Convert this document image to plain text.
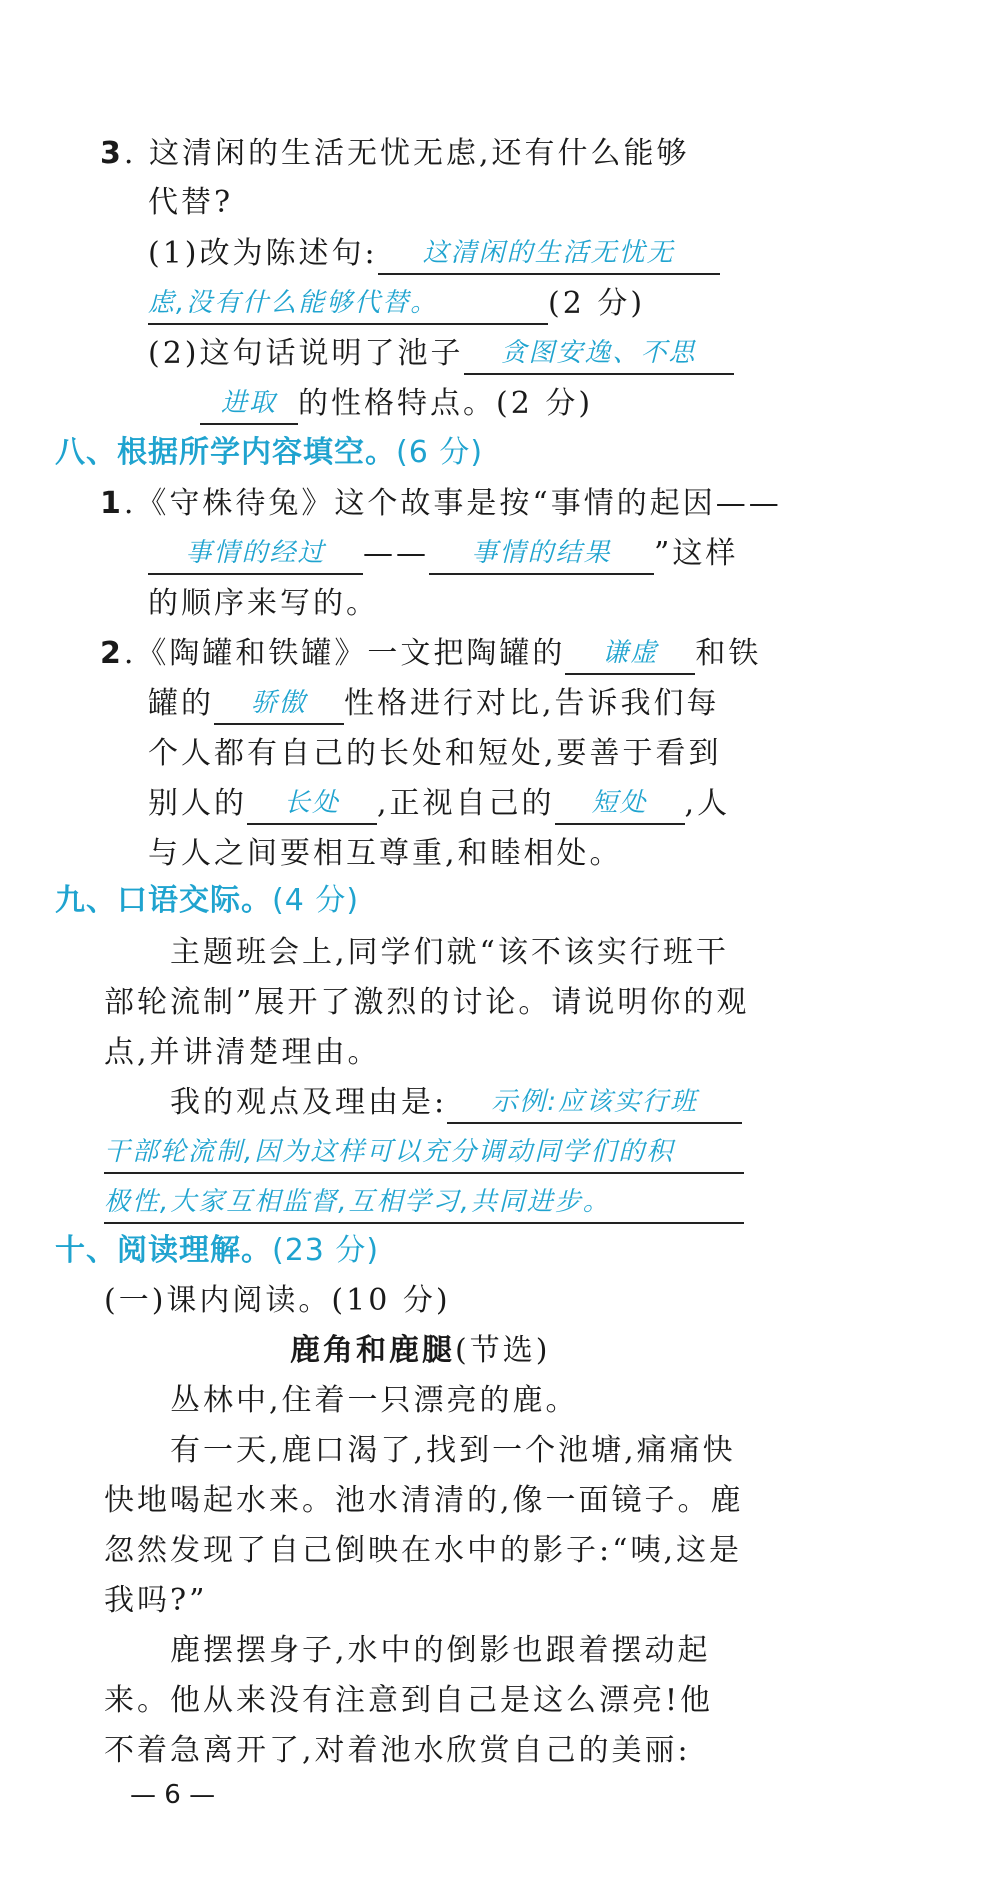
3. 这清闲的生活无忧无虑,还有什么能够
代替?
(1)改为陈述句: 这清闲的生活无忧无
虑,没有什么能够代替。	(2 分)
(2)这句话说明了池子 贪图安逸、不思
进取 的性格特点。(2 分)
八、根据所学内容填空。(6 分)
1.《守株待兔》这个故事是按“事情的起因——
事情的经过 —— 事情的结果 ”这样
的顺序来写的。
2.《陶罐和铁罐》一文把陶罐的 谦虚 和铁
罐的 骄傲 性格进行对比,告诉我们每
个人都有自己的长处和短处,要善于看到
别人的 长处 ,正视自己的 短处 ,人
与人之间要相互尊重,和睦相处。
九、口语交际。(4 分)
主题班会上,同学们就“该不该实行班干
部轮流制”展开了激烈的讨论。请说明你的观
点,并讲清楚理由。
我的观点及理由是: 示例:应该实行班
干部轮流制,因为这样可以充分调动同学们的积
极性,大家互相监督,互相学习,共同进步。
十、阅读理解。(23 分)
(一)课内阅读。(10 分)
鹿角和鹿腿(节选)
丛林中,住着一只漂亮的鹿。
有一天,鹿口渴了,找到一个池塘,痛痛快
快地喝起水来。池水清清的,像一面镜子。鹿
忽然发现了自己倒映在水中的影子:“咦,这是
我吗?”
鹿摆摆身子,水中的倒影也跟着摆动起
来。他从来没有注意到自己是这么漂亮!他
不着急离开了,对着池水欣赏自己的美丽:
— 6 —
